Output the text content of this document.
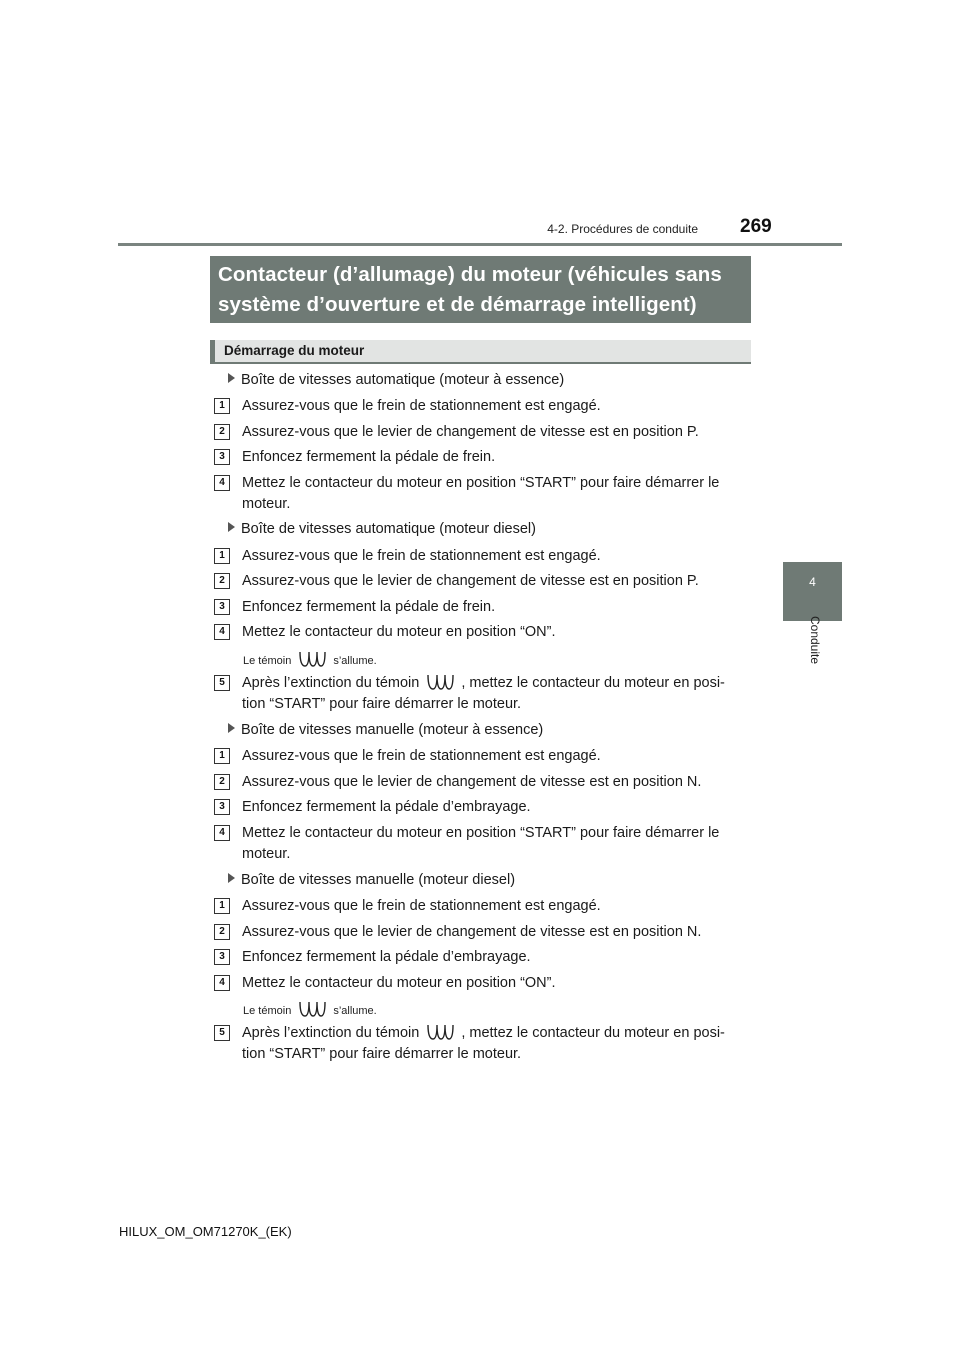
4-2. Procédures de conduite 269
4
Conduite
Contacteur (d’allumage) du moteur (véhicules sans
système d’ouverture et de démarrage intelligent)
Démarrage du moteur
Boîte de vitesses automatique (moteur à essence)
1	Assurez-vous que le frein de stationnement est engagé.
2	Assurez-vous que le levier de changement de vitesse est en position P.
3	Enfoncez fermement la pédale de frein.
4	Mettez le contacteur du moteur en position “START” pour faire démarrer le
moteur.
Boîte de vitesses automatique (moteur diesel)
1	Assurez-vous que le frein de stationnement est engagé.
2	Assurez-vous que le levier de changement de vitesse est en position P.
3	Enfoncez fermement la pédale de frein.
4	Mettez le contacteur du moteur en position “ON”.
Le témoin	s’allume.
5	Après l’extinction du témoin	, mettez le contacteur du moteur en posi-
tion “START” pour faire démarrer le moteur.
Boîte de vitesses manuelle (moteur à essence)
1	Assurez-vous que le frein de stationnement est engagé.
2	Assurez-vous que le levier de changement de vitesse est en position N.
3	Enfoncez fermement la pédale d’embrayage.
4	Mettez le contacteur du moteur en position “START” pour faire démarrer le
moteur.
Boîte de vitesses manuelle (moteur diesel)
1	Assurez-vous que le frein de stationnement est engagé.
2	Assurez-vous que le levier de changement de vitesse est en position N.
3	Enfoncez fermement la pédale d’embrayage.
4	Mettez le contacteur du moteur en position “ON”.
Le témoin	s’allume.
5	Après l’extinction du témoin	, mettez le contacteur du moteur en posi-
tion “START” pour faire démarrer le moteur.
HILUX_OM_OM71270K_(EK)
